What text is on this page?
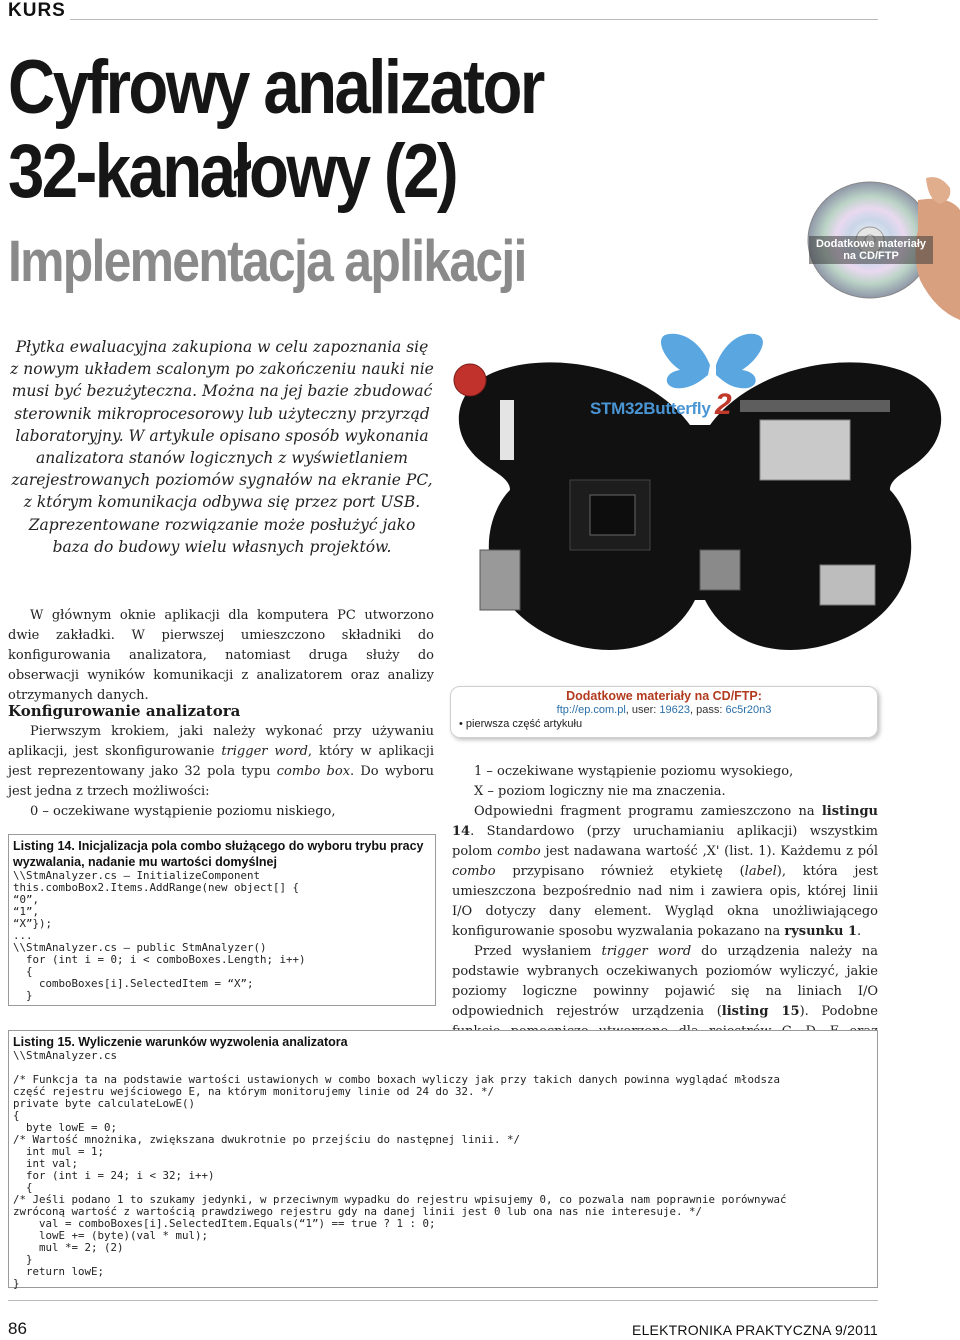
KURS
Cyfrowy analizator
32-kanałowy (2)
Implementacja aplikacji	Dodatkowe materiały na CD/FTP
Płytka ewaluacyjna zakupiona w celu zapoznania się z nowym układem scalonym po zakończeniu nauki nie musi być bezużyteczna. Można na jej bazie zbudować sterownik mikroprocesorowy lub użyteczny przyrząd laboratoryjny. W artykule opisano sposób wykonania analizatora stanów logicznych z wyświetlaniem zarejestrowanych poziomów sygnałów na ekranie PC, z którym komunikacja odbywa się przez port USB. Zaprezentowane rozwiązanie może posłużyć jako baza do budowy wielu własnych projektów.
STM32Butterfly 2

W głównym oknie aplikacji dla komputera PC utworzono dwie zakładki. W pierwszej umieszczono składniki do konfigurowania analizatora, natomiast druga służy do obserwacji wyników komunikacji z analizatorem oraz analizy otrzymanych danych.

Konfigurowanie analizatora

Pierwszym krokiem, jaki należy wykonać przy używaniu aplikacji, jest skonfigurowanie trigger word, który w aplikacji jest reprezentowany jako 32 pola typu combo box. Do wyboru jest jedna z trzech możliwości:

0 – oczekiwane wystąpienie poziomu niskiego,

Listing 14. Inicjalizacja pola combo służącego do wyboru trybu pracy wyzwalania, nadanie mu wartości domyślnej
\\StmAnalyzer.cs – InitializeComponent
this.comboBox2.Items.AddRange(new object[] {
“0”,
“1”,
“X”});
...
\\StmAnalyzer.cs – public StmAnalyzer()
for (int i = 0; i < comboBoxes.Length; i++)
{
comboBoxes[i].SelectedItem = “X”;
}
Dodatkowe materiały na CD/FTP:
ftp://ep.com.pl, user: 19623, pass: 6c5r20n3
• pierwsza część artykułu

1 – oczekiwane wystąpienie poziomu wysokiego,

X – poziom logiczny nie ma znaczenia.

Odpowiedni fragment programu zamieszczono na listingu 14. Standardowo (przy uruchamianiu aplikacji) wszystkim polom combo jest nadawana wartość ‚X' (list. 1). Każdemu z pól combo przypisano również etykietę (label), która jest umieszczona bezpośrednio nad nim i zawiera opis, której linii I/O dotyczy dany element. Wygląd okna unożliwiającego konfigurowanie sposobu wyzwalania pokazano na rysunku 1.

Przed wysłaniem trigger word do urządzenia należy na podstawie wybranych oczekiwanych poziomów wyliczyć, jakie poziomy logiczne powinny pojawić się na liniach I/O odpowiednich rejestrów urządzenia (listing 15). Podobne

Listing 15. Wyliczenie warunków wyzwolenia analizatora
\\StmAnalyzer.cs

/* Funkcja ta na podstawie wartości ustawionych w combo boxach wyliczy jak przy takich danych powinna wyglądać młodsza
część rejestru wejściowego E, na którym monitorujemy linie od 24 do 32. */
private byte calculateLowE()
{
byte lowE = 0;
/* Wartość mnożnika, zwiększana dwukrotnie po przejściu do następnej linii. */
int mul = 1;
int val;
for (int i = 24; i < 32; i++)
{
/* Jeśli podano 1 to szukamy jedynki, w przeciwnym wypadku do rejestru wpisujemy 0, co pozwala nam poprawnie porównywać
zwróconą wartość z wartością prawdziwego rejestru gdy na danej linii jest 0 lub ona nas nie interesuje. */
val = comboBoxes[i].SelectedItem.Equals(“1”) == true ? 1 : 0;
lowE += (byte)(val * mul);
mul *= 2; (2)
}
return lowE;
}
86	ELEKTRONIKA PRAKTYCZNA 9/2011
